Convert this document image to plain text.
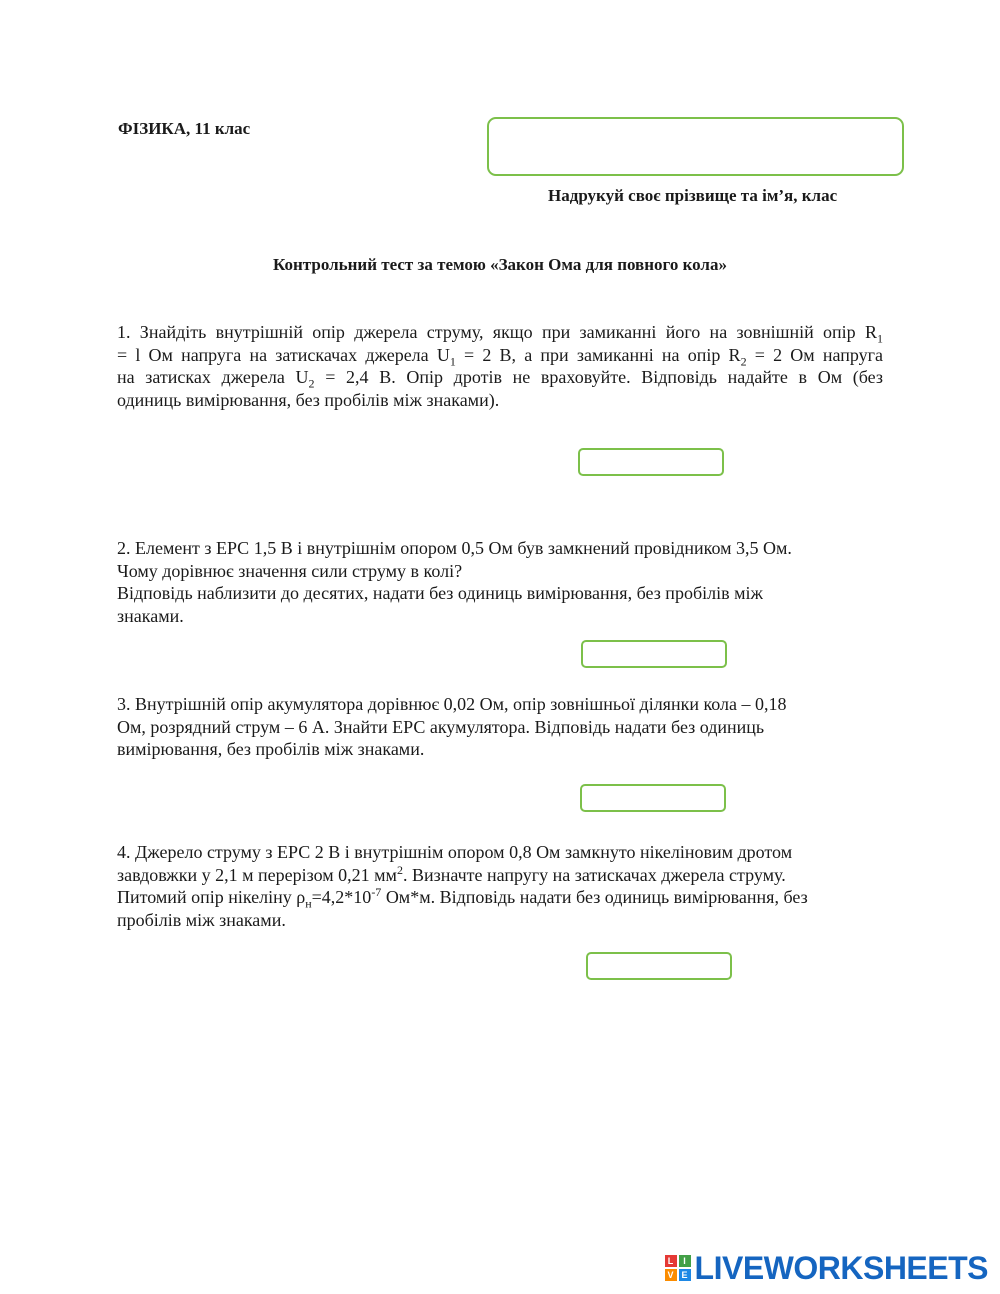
ФІЗИКА, 11 клас
Надрукуй своє прізвище та ім’я, клас
Контрольний тест за темою «Закон Ома для повного кола»
1. Знайдіть внутрішній опір джерела струму, якщо при замиканні його на зовнішній опір $R_1$
= l Ом напруга на затискачах джерела $U_1 = 2$ В, а при замиканні на опір $R_2 = 2$ Ом напруга
на затисках джерела $U_2 = 2,4$ В. Опір дротів не враховуйте. Відповідь надайте в Ом (без
одиниць вимірювання, без пробілів між знаками).
2. Елемент з ЕРС 1,5 В і внутрішнім опором 0,5 Ом був замкнений провідником 3,5 Ом.
Чому дорівнює значення сили струму в колі?
Відповідь наблизити до десятих, надати без одиниць вимірювання, без пробілів між
знаками.
3. Внутрішній опір акумулятора дорівнює 0,02 Ом, опір зовнішньої ділянки кола – 0,18
Ом, розрядний струм – 6 А. Знайти ЕРС акумулятора. Відповідь надати без одиниць
вимірювання, без пробілів між знаками.
4. Джерело струму з ЕРС 2 В і внутрішнім опором 0,8 Ом замкнуто нікеліновим дротом
завдовжки у 2,1 м перерізом 0,21 $мм^2$. Визначте напругу на затискачах джерела струму.
Питомий опір нікеліну $\rho_н=4,2*10^{-7}$ Ом*м. Відповідь надати без одиниць вимірювання, без
пробілів між знаками.
L	I
V E LIVEWORKSHEETS
